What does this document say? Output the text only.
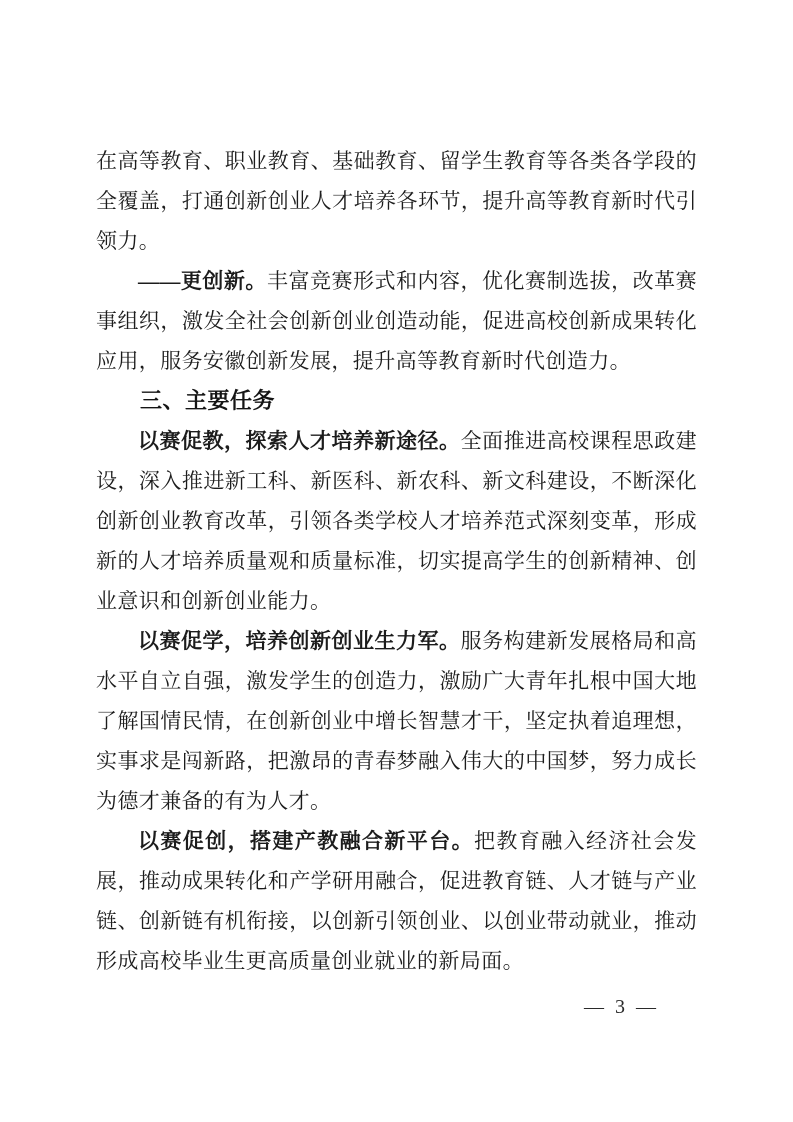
在高等教育、职业教育、基础教育、留学生教育等各类各学段的全覆盖，打通创新创业人才培养各环节，提升高等教育新时代引领力。

——更创新。丰富竞赛形式和内容，优化赛制选拔，改革赛事组织，激发全社会创新创业创造动能，促进高校创新成果转化应用，服务安徽创新发展，提升高等教育新时代创造力。

三、主要任务

以赛促教，探索人才培养新途径。全面推进高校课程思政建设，深入推进新工科、新医科、新农科、新文科建设，不断深化创新创业教育改革，引领各类学校人才培养范式深刻变革，形成新的人才培养质量观和质量标准，切实提高学生的创新精神、创业意识和创新创业能力。

以赛促学，培养创新创业生力军。服务构建新发展格局和高水平自立自强，激发学生的创造力，激励广大青年扎根中国大地了解国情民情，在创新创业中增长智慧才干，坚定执着追理想，实事求是闯新路，把激昂的青春梦融入伟大的中国梦，努力成长为德才兼备的有为人才。

以赛促创，搭建产教融合新平台。把教育融入经济社会发展，推动成果转化和产学研用融合，促进教育链、人才链与产业链、创新链有机衔接，以创新引领创业、以创业带动就业，推动形成高校毕业生更高质量创业就业的新局面。

— 3 —
